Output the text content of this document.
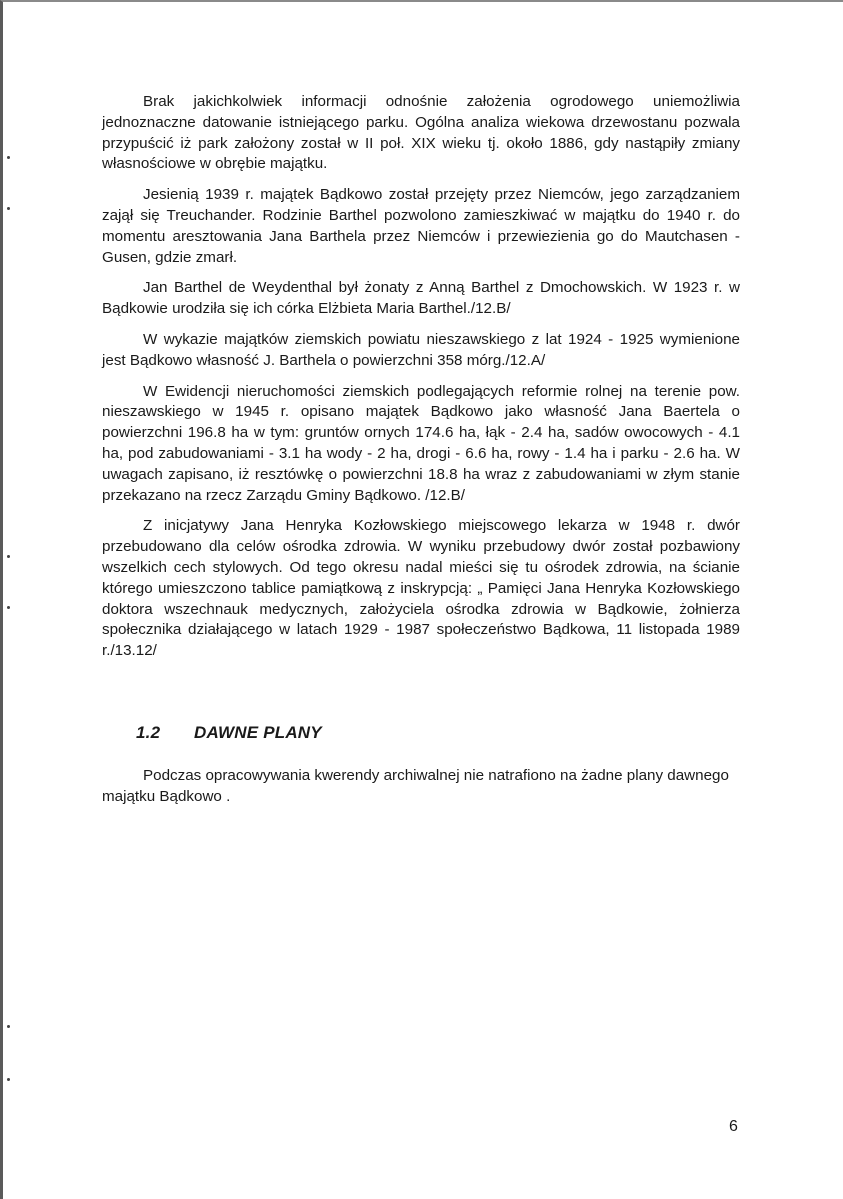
Brak jakichkolwiek informacji odnośnie założenia ogrodowego uniemożliwia jednoznaczne datowanie istniejącego parku. Ogólna analiza wiekowa drzewostanu pozwala przypuścić iż park założony został w II poł. XIX wieku tj. około 1886, gdy nastąpiły zmiany własnościowe w obrębie majątku.

Jesienią 1939 r. majątek Bądkowo został przejęty przez Niemców, jego zarządzaniem zajął się Treuchander. Rodzinie Barthel pozwolono zamieszkiwać w majątku do 1940 r. do momentu aresztowania Jana Barthela przez Niemców i przewiezienia go do Mautchasen - Gusen, gdzie zmarł.

Jan Barthel de Weydenthal był żonaty z Anną Barthel z Dmochowskich. W 1923 r. w Bądkowie urodziła się ich córka Elżbieta Maria Barthel./12.B/

W wykazie majątków ziemskich powiatu nieszawskiego z lat 1924 - 1925 wymienione jest Bądkowo własność J. Barthela o powierzchni 358 mórg./12.A/

W Ewidencji nieruchomości ziemskich podlegających reformie rolnej na terenie pow. nieszawskiego w 1945 r. opisano majątek Bądkowo jako własność Jana Baertela o powierzchni 196.8 ha w tym: gruntów ornych 174.6 ha, łąk - 2.4 ha, sadów owocowych - 4.1 ha, pod zabudowaniami - 3.1 ha wody - 2 ha, drogi - 6.6 ha, rowy - 1.4 ha i parku - 2.6 ha. W uwagach zapisano, iż resztówkę o powierzchni 18.8 ha wraz z zabudowaniami w złym stanie przekazano na rzecz Zarządu Gminy Bądkowo. /12.B/

Z inicjatywy Jana Henryka Kozłowskiego miejscowego lekarza w 1948 r. dwór przebudowano dla celów ośrodka zdrowia. W wyniku przebudowy dwór został pozbawiony wszelkich cech stylowych. Od tego okresu nadal mieści się tu ośrodek zdrowia, na ścianie którego umieszczono tablice pamiątkową z inskrypcją: „ Pamięci Jana Henryka Kozłowskiego doktora wszechnauk medycznych, założyciela ośrodka zdrowia w Bądkowie, żołnierza społecznika działającego w latach 1929 - 1987 społeczeństwo Bądkowa, 11 listopada 1989 r./13.12/

1.2 DAWNE PLANY

Podczas opracowywania kwerendy archiwalnej nie natrafiono na żadne plany dawnego majątku Bądkowo .

6
